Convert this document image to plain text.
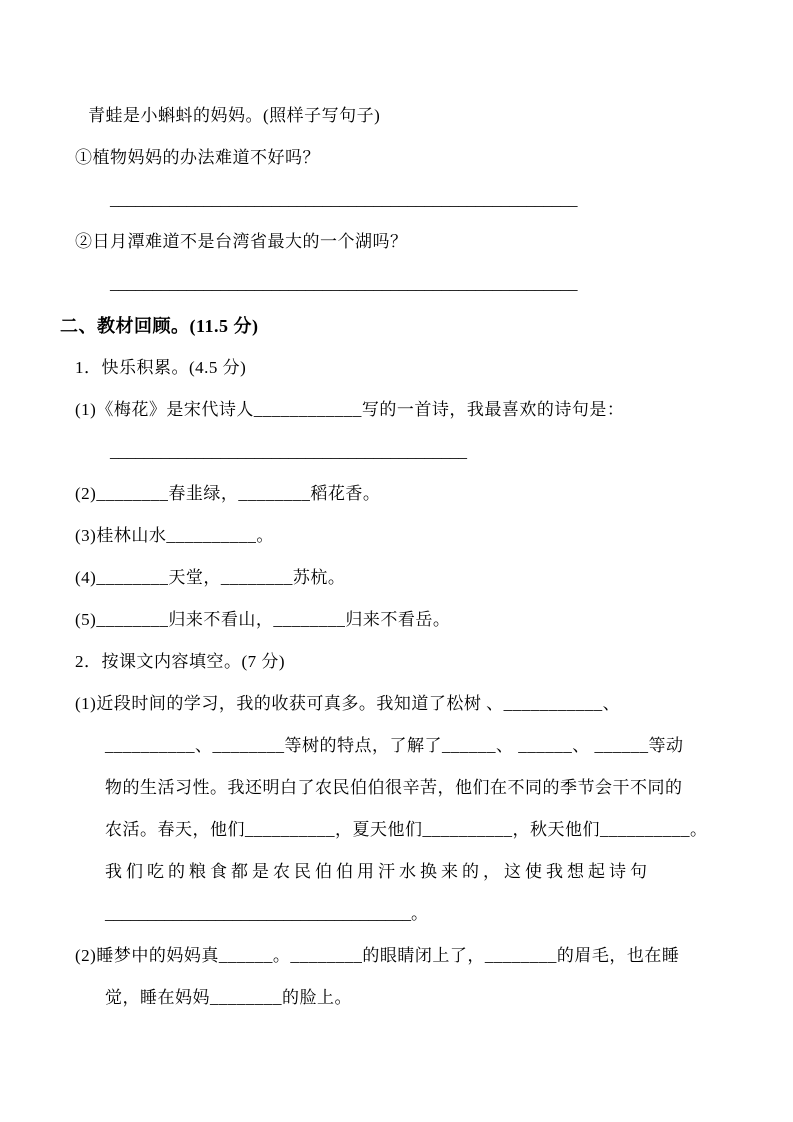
青蛙是小蝌蚪的妈妈。(照样子写句子)
①植物妈妈的办法难道不好吗？
_______________________________________________________
②日月潭难道不是台湾省最大的一个湖吗？
_______________________________________________________
二、教材回顾。(11.5 分)
1．快乐积累。(4.5 分)
(1)《梅花》是宋代诗人____________写的一首诗，我最喜欢的诗句是：
__________________________________________
(2)________春韭绿，________稻花香。
(3)桂林山水__________。
(4)________天堂，________苏杭。
(5)________归来不看山，________归来不看岳。
2．按课文内容填空。(7 分)
(1)近段时间的学习，我的收获可真多。我知道了松树 、___________、
__________、________等树的特点，了解了______、 ______、 ______等动
物的生活习性。我还明白了农民伯伯很辛苦，他们在不同的季节会干不同的
农活。春天，他们__________，夏天他们__________，秋天他们__________。
我们吃的粮食都是农民伯伯用汗水换来的，这使我想起诗句
____________________________________。
(2)睡梦中的妈妈真______。________的眼睛闭上了，________的眉毛，也在睡
觉，睡在妈妈________的脸上。
